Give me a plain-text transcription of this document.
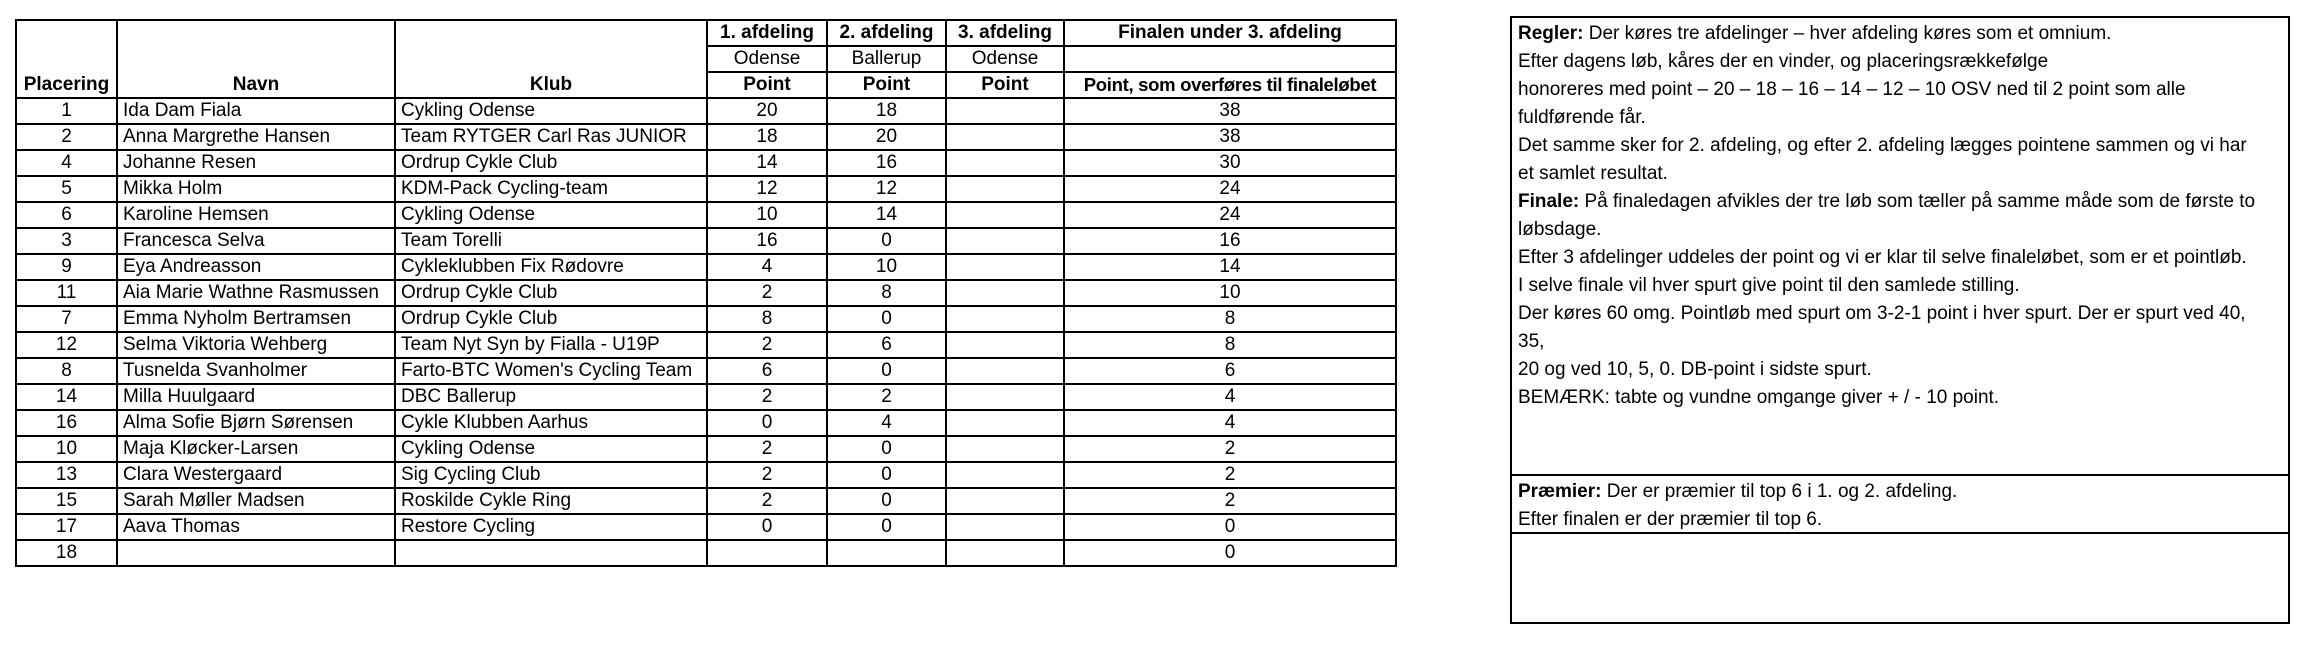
Placering	Navn	Klub	1. afdeling	2. afdeling	3. afdeling	Finalen under 3. afdeling
			Odense	Ballerup	Odense	
			Point	Point	Point	Point, som overføres til finaleløbet
1	Ida Dam Fiala	Cykling Odense	20	18		38
2	Anna Margrethe Hansen	Team RYTGER Carl Ras JUNIOR	18	20		38
4	Johanne Resen	Ordrup Cykle Club	14	16		30
5	Mikka Holm	KDM-Pack Cycling-team	12	12		24
6	Karoline Hemsen	Cykling Odense	10	14		24
3	Francesca Selva	Team Torelli	16	0		16
9	Eya Andreasson	Cykleklubben Fix Rødovre	4	10		14
11	Aia Marie Wathne Rasmussen	Ordrup Cykle Club	2	8		10
7	Emma Nyholm Bertramsen	Ordrup Cykle Club	8	0		8
12	Selma Viktoria Wehberg	Team Nyt Syn by Fialla - U19P	2	6		8
8	Tusnelda Svanholmer	Farto-BTC Women's Cycling Team	6	0		6
14	Milla Huulgaard	DBC Ballerup	2	2		4
16	Alma Sofie Bjørn Sørensen	Cykle Klubben Aarhus	0	4		4
10	Maja Kløcker-Larsen	Cykling Odense	2	0		2
13	Clara Westergaard	Sig Cycling Club	2	0		2
15	Sarah Møller Madsen	Roskilde Cykle Ring	2	0		2
17	Aava Thomas	Restore Cycling	0	0		0
18						0

Regler: Der køres tre afdelinger – hver afdeling køres som et omnium.

Efter dagens løb, kåres der en vinder, og placeringsrækkefølge

honoreres med point – 20 – 18 – 16 – 14 – 12 – 10 OSV ned til 2 point som alle

fuldførende får.

Det samme sker for 2. afdeling, og efter 2. afdeling lægges pointene sammen og vi har

et samlet resultat.

Finale: På finaledagen afvikles der tre løb som tæller på samme måde som de første to

løbsdage.

Efter 3 afdelinger uddeles der point og vi er klar til selve finaleløbet, som er et pointløb.

I selve finale vil hver spurt give point til den samlede stilling.

Der køres 60 omg. Pointløb med spurt om 3-2-1 point i hver spurt. Der er spurt ved 40,

35,

20 og ved 10, 5, 0. DB-point i sidste spurt.

BEMÆRK: tabte og vundne omgange giver + / - 10 point.

Præmier: Der er præmier til top 6 i 1. og 2. afdeling.

Efter finalen er der præmier til top 6.
